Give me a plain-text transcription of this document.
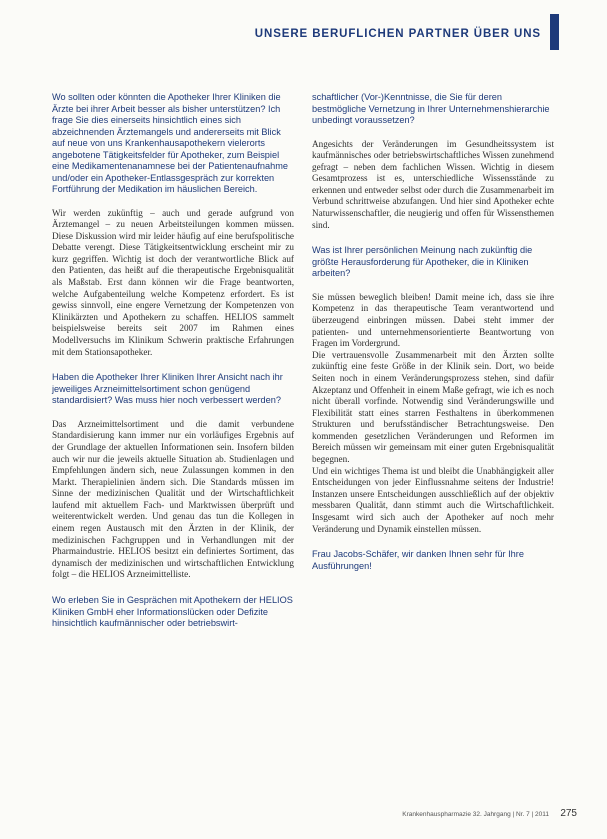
UNSERE BERUFLICHEN PARTNER ÜBER UNS

Wo sollten oder könnten die Apotheker Ihrer Kliniken die Ärzte bei ihrer Arbeit besser als bisher unterstützen? Ich frage Sie dies einerseits hinsichtlich eines sich abzeichnenden Ärztemangels und andererseits mit Blick auf neue von uns Krankenhausapothekern vielerorts angebotene Tätigkeitsfelder für Apotheker, zum Beispiel eine Medikamentenanamnese bei der Patientenaufnahme und/oder ein Apotheker-Entlassgespräch zur korrekten Fortführung der Medikation im häuslichen Bereich.

Wir werden zukünftig – auch und gerade aufgrund von Ärztemangel – zu neuen Arbeitsteilungen kommen müssen. Diese Diskussion wird mir leider häufig auf eine berufspolitische Debatte verengt. Diese Tätigkeitsentwicklung erscheint mir zu kurz gegriffen. Wichtig ist doch der verantwortliche Blick auf den Patienten, das heißt auf die therapeutische Ergebnisqualität als Maßstab. Erst dann können wir die Frage beantworten, welche Aufgabenteilung welche Kompetenz erfordert. Es ist gewiss sinnvoll, eine engere Vernetzung der Kompetenzen von Klinikärzten und Apothekern zu schaffen. HELIOS sammelt beispielsweise bereits seit 2007 im Rahmen eines Modellversuchs im Klinikum Schwerin praktische Erfahrungen mit dem Stationsapotheker.

Haben die Apotheker Ihrer Kliniken Ihrer Ansicht nach ihr jeweiliges Arzneimittelsortiment schon genügend standardisiert? Was muss hier noch verbessert werden?

Das Arzneimittelsortiment und die damit verbundene Standardisierung kann immer nur ein vorläufiges Ergebnis auf der Grundlage der aktuellen Informationen sein. Insofern bilden auch wir nur die jeweils aktuelle Situation ab. Studienlagen und Empfehlungen ändern sich, neue Zulassungen kommen in den Markt. Therapielinien ändern sich. Die Standards müssen im Sinne der medizinischen Qualität und der Wirtschaftlichkeit laufend mit aktuellem Fach- und Marktwissen überprüft und weiterentwickelt werden. Und genau das tun die Kollegen in einem regen Austausch mit den Ärzten in der Klinik, der medizinischen Fachgruppen und in Verhandlungen mit der Pharmaindustrie. HELIOS besitzt ein definiertes Sortiment, das dynamisch der medizinischen und wirtschaftlichen Entwicklung folgt – die HELIOS Arzneimittelliste.

Wo erleben Sie in Gesprächen mit Apothekern der HELIOS Kliniken GmbH eher Informationslücken oder Defizite hinsichtlich kaufmännischer oder betriebswirt-

schaftlicher (Vor-)Kenntnisse, die Sie für deren bestmögliche Vernetzung in Ihrer Unternehmenshierarchie unbedingt voraussetzen?

Angesichts der Veränderungen im Gesundheitssystem ist kaufmännisches oder betriebswirtschaftliches Wissen zunehmend gefragt – neben dem fachlichen Wissen. Wichtig in diesem Gesamtprozess ist es, unterschiedliche Wissensstände zu erkennen und entweder selbst oder durch die Zusammenarbeit im Verbund schrittweise abzufangen. Und hier sind Apotheker echte Naturwissenschaftler, die neugierig und offen für Wissensthemen sind.

Was ist Ihrer persönlichen Meinung nach zukünftig die größte Herausforderung für Apotheker, die in Kliniken arbeiten?

Sie müssen beweglich bleiben! Damit meine ich, dass sie ihre Kompetenz in das therapeutische Team verantwortend und überzeugend einbringen müssen. Dabei steht immer der patienten- und unternehmensorientierte Beantwortung von Fragen im Vordergrund.

Die vertrauensvolle Zusammenarbeit mit den Ärzten sollte zukünftig eine feste Größe in der Klinik sein. Dort, wo beide Seiten noch in einem Veränderungsprozess stehen, sind dafür Akzeptanz und Offenheit in einem Maße gefragt, wie ich es noch nicht überall vorfinde. Notwendig sind Veränderungswille und Flexibilität statt eines starren Festhaltens in überkommenen Strukturen und berufsständischer Betrachtungsweise. Den kommenden gesetzlichen Veränderungen und Reformen im Bereich müssen wir gemeinsam mit einer guten Ergebnisqualität begegnen.

Und ein wichtiges Thema ist und bleibt die Unabhängigkeit aller Entscheidungen von jeder Einflussnahme seitens der Industrie! Instanzen unsere Entscheidungen ausschließlich auf der objektiv messbaren Qualität, dann stimmt auch die Wirtschaftlichkeit. Insgesamt wird sich auch der Apotheker auf noch mehr Veränderung und Dynamik einstellen müssen.

Frau Jacobs-Schäfer, wir danken Ihnen sehr für Ihre Ausführungen!

Krankenhauspharmazie 32. Jahrgang | Nr. 7 | 2011 275
